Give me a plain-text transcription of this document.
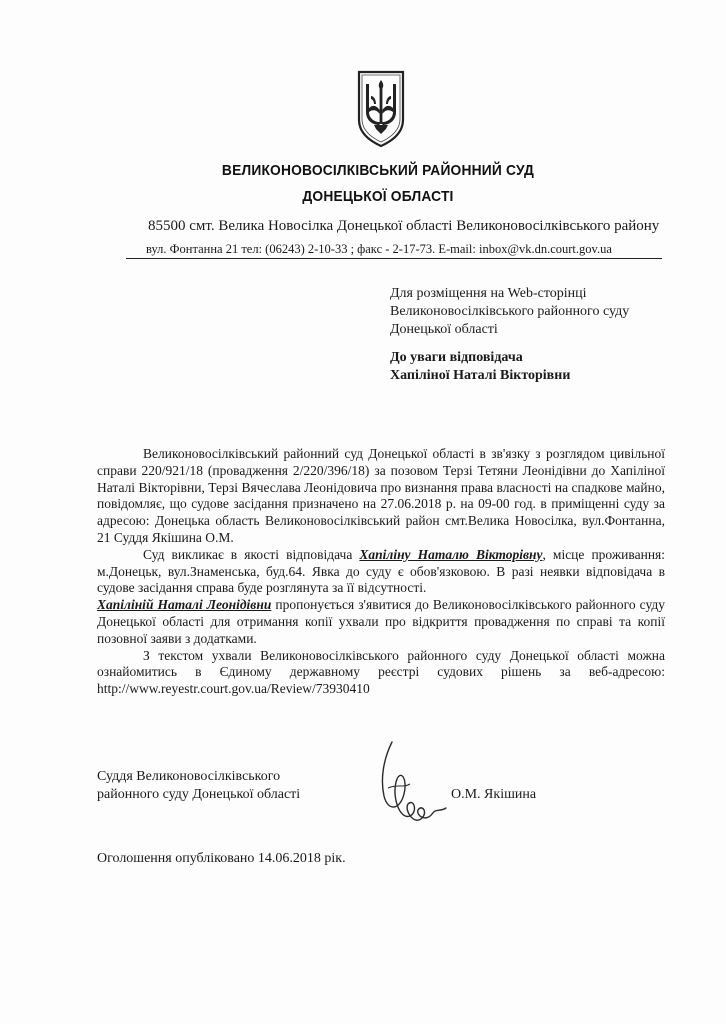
ВЕЛИКОНОВОСІЛКІВСЬКИЙ РАЙОННИЙ СУД
ДОНЕЦЬКОЇ ОБЛАСТІ
85500 смт. Велика Новосілка Донецької області Великоновосілківського району
вул. Фонтанна 21 тел: (06243) 2-10-33 ; факс - 2-17-73. E-mail: inbox@vk.dn.court.gov.ua
Для розміщення на Web-сторінці
Великоновосілківського районного суду
Донецької області
До уваги відповідача
Хапіліної Наталі Вікторівни

Великоновосілківський районний суд Донецької області в зв'язку з розглядом цивільної справи 220/921/18 (провадження 2/220/396/18) за позовом Терзі Тетяни Леонідівни до Хапіліної Наталі Вікторівни, Терзі Вячеслава Леонідовича про визнання права власності на спадкове майно, повідомляє, що судове засідання призначено на 27.06.2018 р. на 09-00 год. в приміщенні суду за адресою: Донецька область Великоновосілківський район смт.Велика Новосілка, вул.Фонтанна, 21 Суддя Якішина О.М.

Суд викликає в якості відповідача Хапіліну Наталю Вікторівну, місце проживання: м.Донецьк, вул.Знаменська, буд.64. Явка до суду є обов'язковою. В разі неявки відповідача в судове засідання справа буде розглянута за її відсутності.

Хапіліній Наталі Леонідівни пропонується з'явитися до Великоновосілківського районного суду Донецької області для отримання копії ухвали про відкриття провадження по справі та копії позовної заяви з додатками.

З текстом ухвали Великоновосілківського районного суду Донецької області можна ознайомитись в Єдиному державному реєстрі судових рішень за веб-адресою: http://www.reyestr.court.gov.ua/Review/73930410

Суддя Великоновосілківського
районного суду Донецької області	О.М. Якішина
Оголошення опубліковано 14.06.2018 рік.
